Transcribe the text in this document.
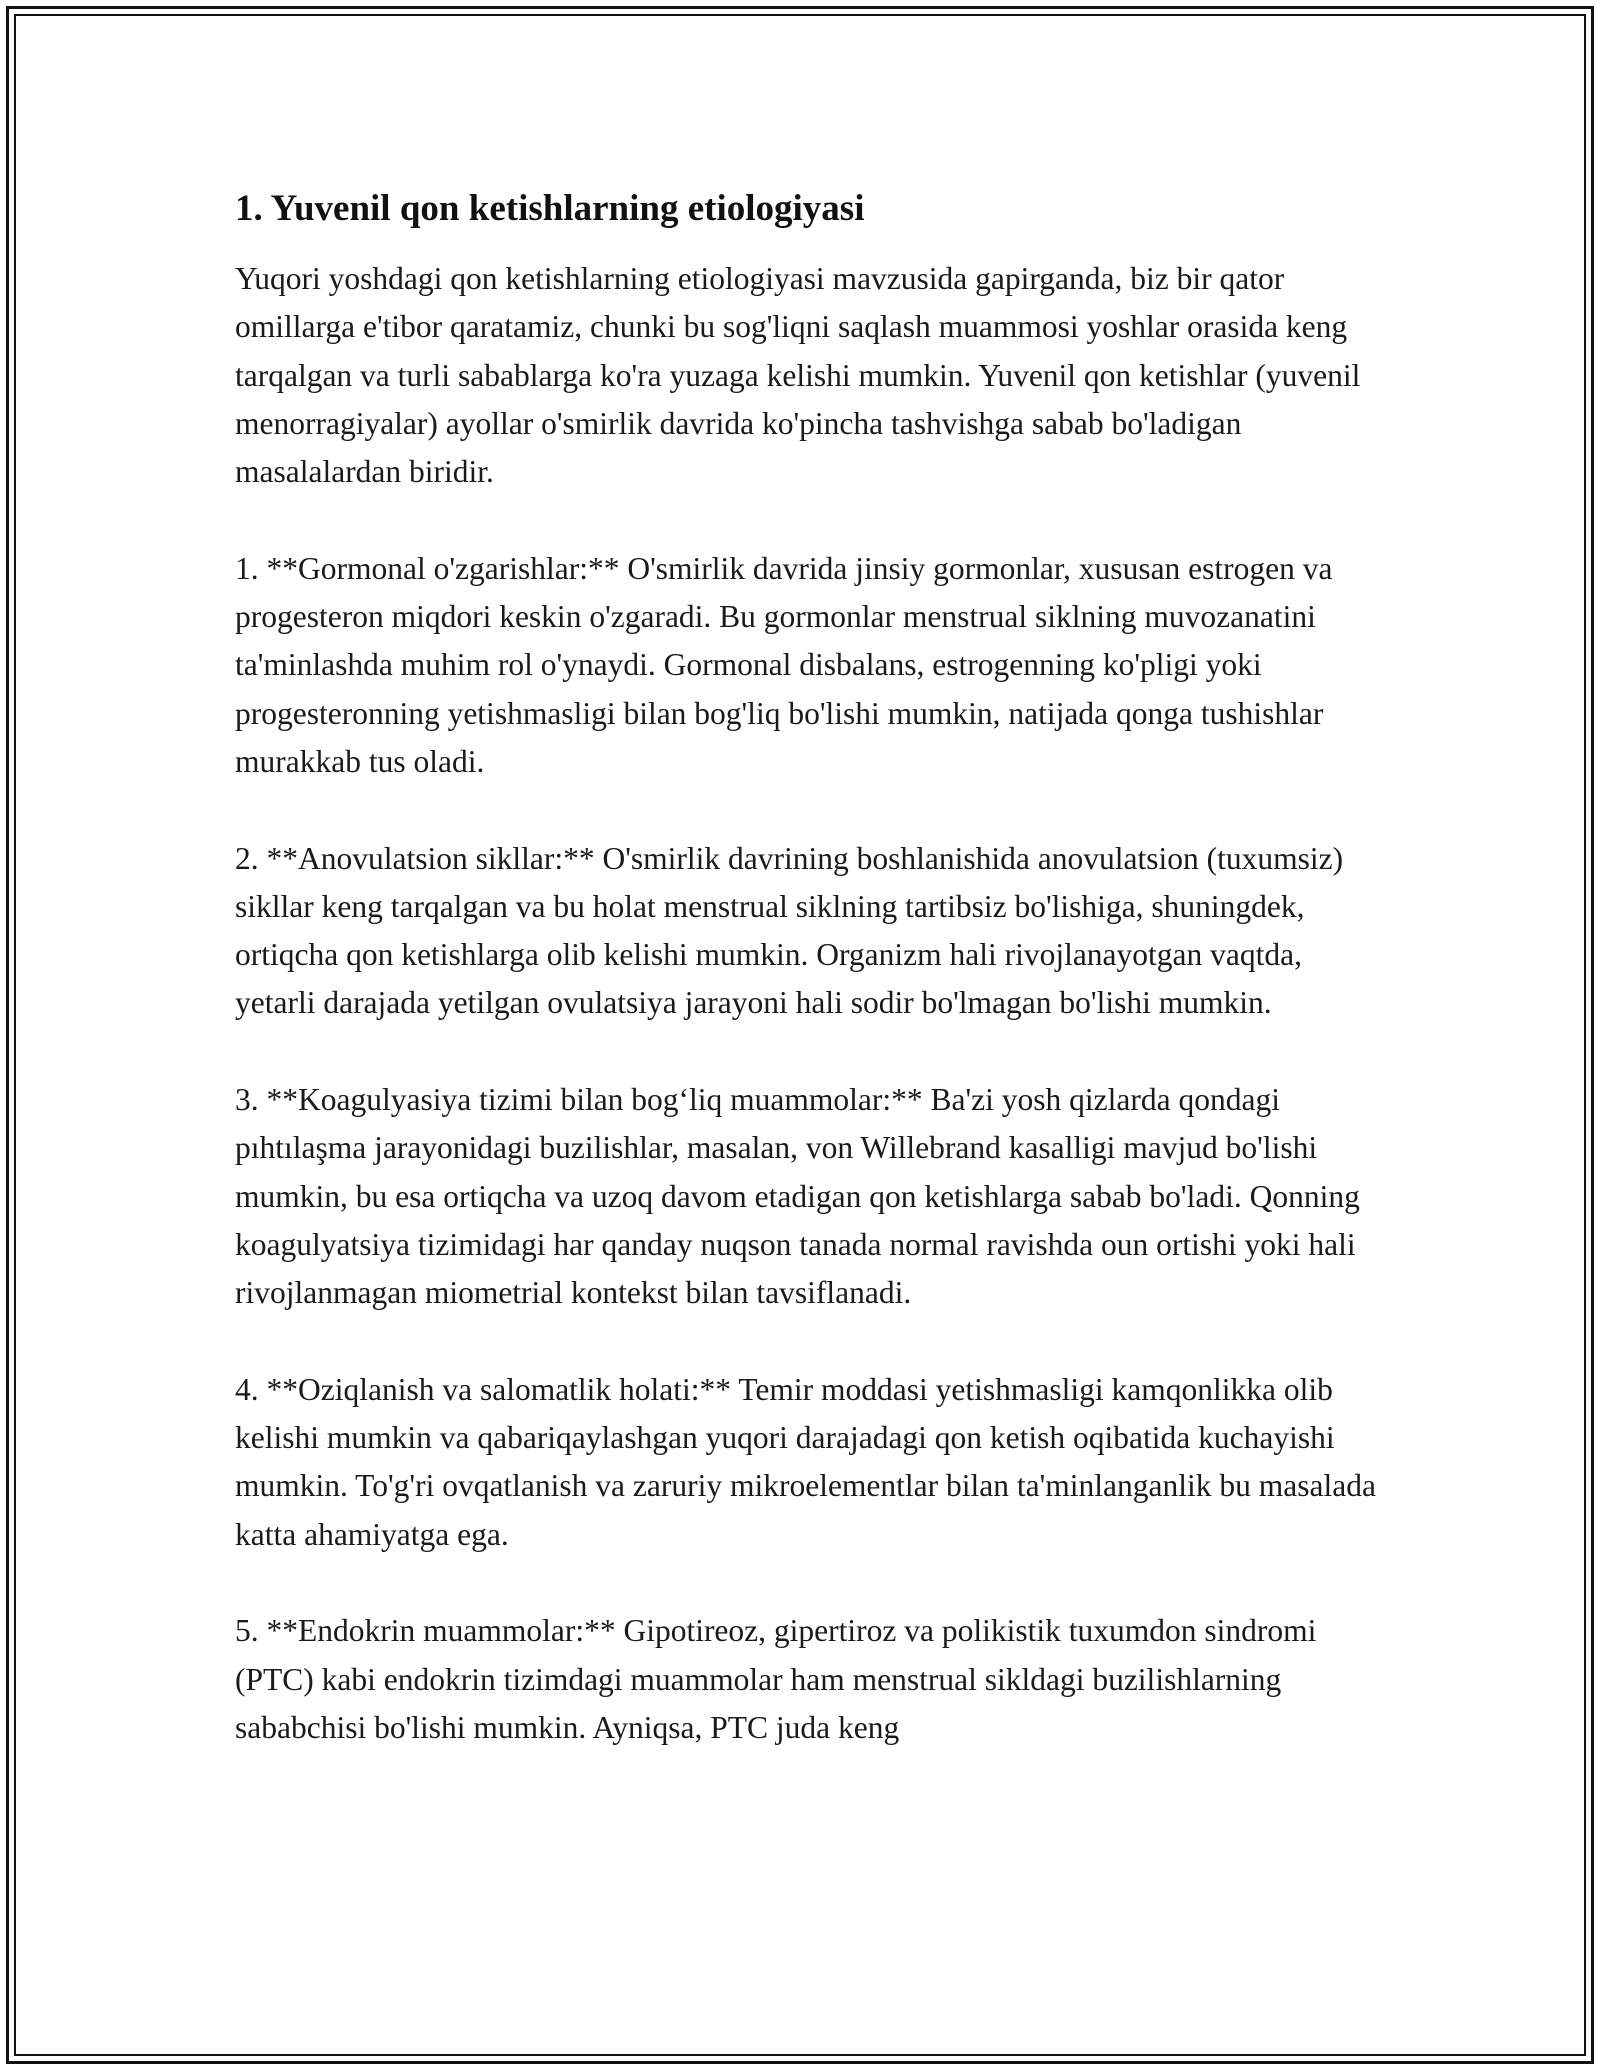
1. Yuvenil qon ketishlarning etiologiyasi

Yuqori yoshdagi qon ketishlarning etiologiyasi mavzusida gapirganda, biz bir qator omillarga e'tibor qaratamiz, chunki bu sog'liqni saqlash muammosi yoshlar orasida keng tarqalgan va turli sabablarga ko'ra yuzaga kelishi mumkin. Yuvenil qon ketishlar (yuvenil menorragiyalar) ayollar o'smirlik davrida ko'pincha tashvishga sabab bo'ladigan masalalardan biridir.

1. **Gormonal o'zgarishlar:** O'smirlik davrida jinsiy gormonlar, xususan estrogen va progesteron miqdori keskin o'zgaradi. Bu gormonlar menstrual siklning muvozanatini ta'minlashda muhim rol o'ynaydi. Gormonal disbalans, estrogenning ko'pligi yoki progesteronning yetishmasligi bilan bog'liq bo'lishi mumkin, natijada qonga tushishlar murakkab tus oladi.

2. **Anovulatsion sikllar:** O'smirlik davrining boshlanishida anovulatsion (tuxumsiz) sikllar keng tarqalgan va bu holat menstrual siklning tartibsiz bo'lishiga, shuningdek, ortiqcha qon ketishlarga olib kelishi mumkin. Organizm hali rivojlanayotgan vaqtda, yetarli darajada yetilgan ovulatsiya jarayoni hali sodir bo'lmagan bo'lishi mumkin.

3. **Koagulyasiya tizimi bilan bog‘liq muammolar:** Ba'zi yosh qizlarda qondagi pıhtılaşma jarayonidagi buzilishlar, masalan, von Willebrand kasalligi mavjud bo'lishi mumkin, bu esa ortiqcha va uzoq davom etadigan qon ketishlarga sabab bo'ladi. Qonning koagulyatsiya tizimidagi har qanday nuqson tanada normal ravishda oun ortishi yoki hali rivojlanmagan miometrial kontekst bilan tavsiflanadi.

4. **Oziqlanish va salomatlik holati:** Temir moddasi yetishmasligi kamqonlikka olib kelishi mumkin va qabariqaylashgan yuqori darajadagi qon ketish oqibatida kuchayishi mumkin. To'g'ri ovqatlanish va zaruriy mikroelementlar bilan ta'minlanganlik bu masalada katta ahamiyatga ega.

5. **Endokrin muammolar:** Gipotireoz, gipertiroz va polikistik tuxumdon sindromi (PTC) kabi endokrin tizimdagi muammolar ham menstrual sikldagi buzilishlarning sababchisi bo'lishi mumkin. Ayniqsa, PTC juda keng
